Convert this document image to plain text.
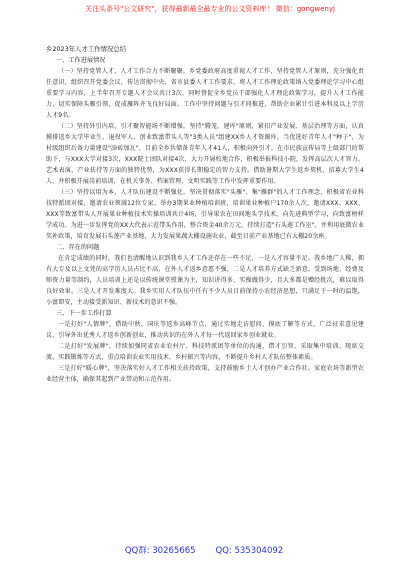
关注头条号"公文研究"，获得最新最全最专业的公文资料库！ 微信：gongwenyj
乡2023年人才工作情况总结
一、工作进展情况
（一）坚持党管人才，人才工作合力不断聚聚。乡党委政府高度重视人才工作，坚持党管人才原则，充分强化责任意识，组织召开党委会议，传达贯彻中央、省市县委人才工作要求，将人才工作理论政策纳入党委理论学习中心组重要学习内容，上半年召开专题人才会议共计3次，同时督促全乡党员干部强化人才理论政策学习，提升人才工作能力，切实保障头雁引领，促成雁阵齐飞良好局面。工作中坚持问题与引才同推进，帮助企业累计引进本科及以上学历人才9名。
（二）坚持外引内培，引才聚智能场不断增强。坚持"腾笼、建库"原则，紧扣产业发展、基层治理等方面，认真摸排返乡大学毕业生、退役军人、创业致富带头人等"3类人员"组建XX乡人才资源库，当优选好青年人才"种子"，为村级组织后备力量建设"添砖加瓦"，目前全乡共储备青年人才41人，积极向外引才，在市民族宣传局等上级部门的帮助下，与XXX大学对接3次，XXX院士团队对接4次，大力开展校地合作，积极举报科技小院，发挥高层次人才智力、艺术表演、产业扶持等方面的独特优势，为XXX获得长期稳定的智力支持。借助暑期大学生返乡契机，招募大学生4人，并积极开展岗前培训，在机关事务、档案管理、文明实践等工作中发挥重要作用。
（三）坚持以用为本，人才队伍建设不断强化。坚决贯彻落实"头雁"、集"雁群"的人才工作理念，积极省农业科技特派团对接，邀请农业领域12位专家、举办3期果业种植培训班，培训果业种植户170余人次，邀请XXX、XXX、XXX等致富带头人开展果业种植技术实操培训共计4场，引导果农在田间地头学技术、向先进典型学习，向致富榜样学成功。为进一步发挥党的XX大代表示范带头作用，整合资金40余万元，持续打造"石头莲工作室"，并利用底微农业奖补政策，培育发展石头莲产业基地，大力发展果蔬大棚设施农业，截至目前产业基地已有大棚20余座。
二、存在的问题
在肯定成绩的同时，我们也清醒地认识到我乡人才工作还存在一些不足，一是人才容量不足。我乡地广人稀，拥有大专及以上文凭的高学历人员占比不高，在外人才返乡意愿不强，二是人才培养方式缺乏新意。受到场地、经费及师资力量等制约，人员培训上还是以传统课堂授课为主，知识讲得多、实操做得少，且大多都是赠经批次，难以取得良好效果。三是人才开发难度大。我乡实用人才队伍中任有不少人员目前保持小农经济思想，只满足于一时的温饱，小富即安，主动接受新知识、新技术的意识不强。
三、下一步工作打算
一是打好"人情牌"，借助中秋、国庆等返乡高峰节点，通过实地走访慰问、摸底了解等方式，广泛征求意见建议，引导外出优秀人才返乡创新创业，推动共识的在外人才每一代返回家乡创业就业。
二是打好"发展牌"，持续加强同省农业农村厅、科技特派团等单位的沟通，借才引智，采取集中培训、现席交流、实践锻炼等方式，重点培训农业实用技术、乡村振兴等内容，不断提升乡村人才队伍整体素质。
三是打好"暖心牌"，坚决落实好人才工作相关扶持政策，支持鼓励乡土人才创办产业合作社、家庭农场等新型农业经营主体，确保其起到产业带动和示范作用。
QQ群: 30265665 QQ: 535304092
